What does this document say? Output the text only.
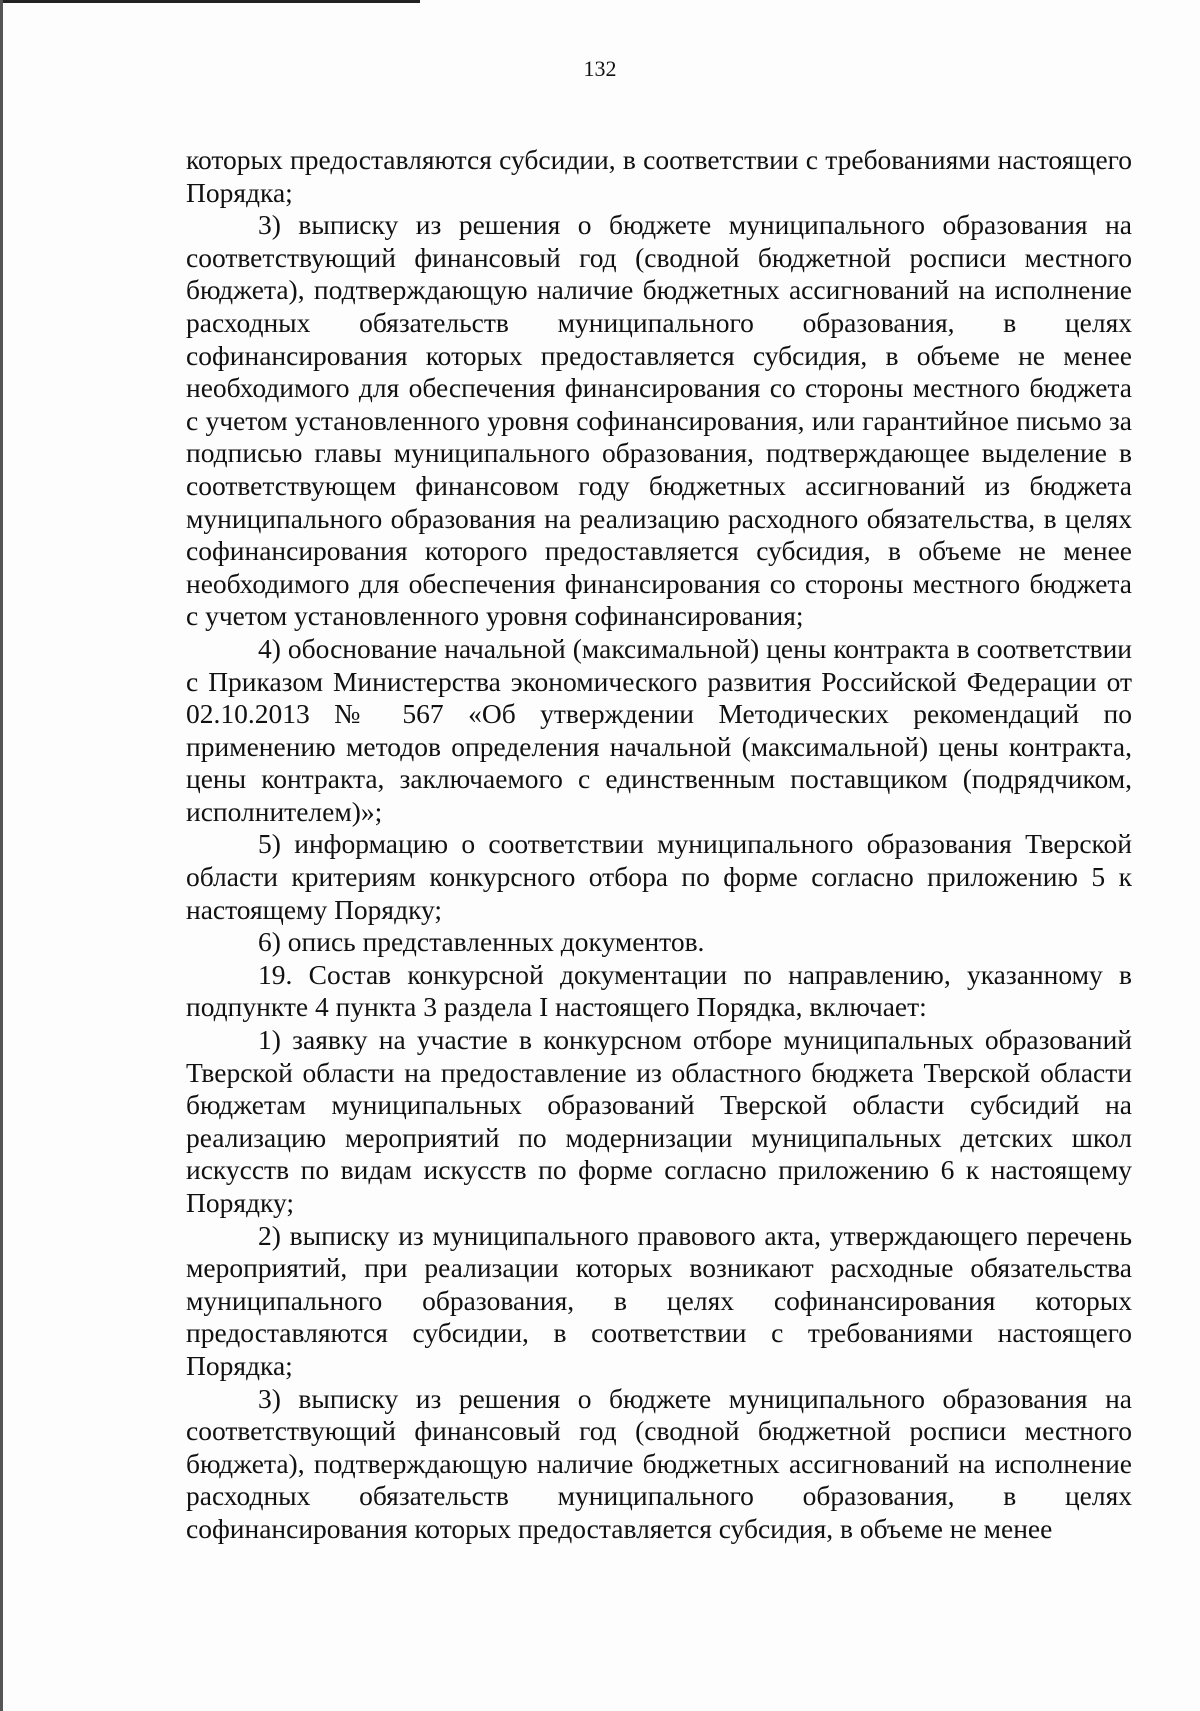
132

которых предоставляются субсидии, в соответствии с требованиями настоящего Порядка;

3) выписку из решения о бюджете муниципального образования на соответствующий финансовый год (сводной бюджетной росписи местного бюджета), подтверждающую наличие бюджетных ассигнований на исполнение расходных обязательств муниципального образования, в целях софинансирования которых предоставляется субсидия, в объеме не менее необходимого для обеспечения финансирования со стороны местного бюджета с учетом установленного уровня софинансирования, или гарантийное письмо за подписью главы муниципального образования, подтверждающее выделение в соответствующем финансовом году бюджетных ассигнований из бюджета муниципального образования на реализацию расходного обязательства, в целях софинансирования которого предоставляется субсидия, в объеме не менее необходимого для обеспечения финансирования со стороны местного бюджета с учетом установленного уровня софинансирования;

4) обоснование начальной (максимальной) цены контракта в соответствии с Приказом Министерства экономического развития Российской Федерации от 02.10.2013 № 567 «Об утверждении Методических рекомендаций по применению методов определения начальной (максимальной) цены контракта, цены контракта, заключаемого с единственным поставщиком (подрядчиком, исполнителем)»;

5) информацию о соответствии муниципального образования Тверской области критериям конкурсного отбора по форме согласно приложению 5 к настоящему Порядку;

6) опись представленных документов.

19. Состав конкурсной документации по направлению, указанному в подпункте 4 пункта 3 раздела I настоящего Порядка, включает:

1) заявку на участие в конкурсном отборе муниципальных образований Тверской области на предоставление из областного бюджета Тверской области бюджетам муниципальных образований Тверской области субсидий на реализацию мероприятий по модернизации муниципальных детских школ искусств по видам искусств по форме согласно приложению 6 к настоящему Порядку;

2) выписку из муниципального правового акта, утверждающего перечень мероприятий, при реализации которых возникают расходные обязательства муниципального образования, в целях софинансирования которых предоставляются субсидии, в соответствии с требованиями настоящего Порядка;

3) выписку из решения о бюджете муниципального образования на соответствующий финансовый год (сводной бюджетной росписи местного бюджета), подтверждающую наличие бюджетных ассигнований на исполнение расходных обязательств муниципального образования, в целях софинансирования которых предоставляется субсидия, в объеме не менее
